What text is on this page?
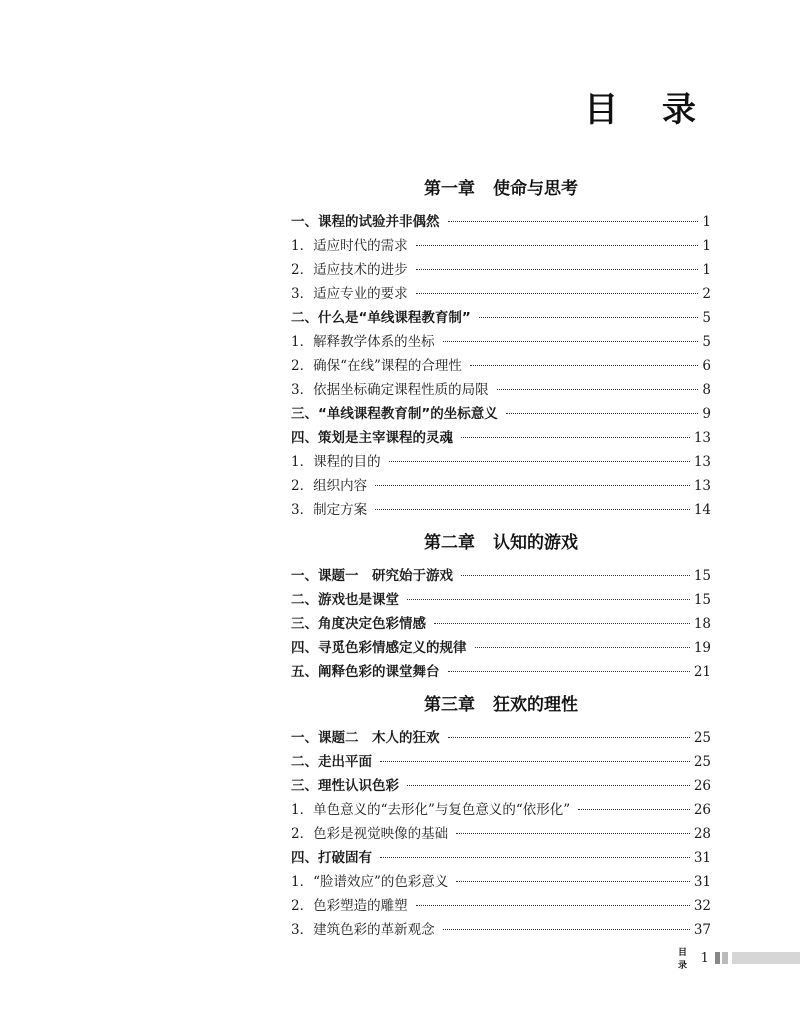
目 录
第一章 使命与思考
一、课程的试验并非偶然	1
1．适应时代的需求	1
2．适应技术的进步	1
3．适应专业的要求	2
二、什么是“单线课程教育制”	5
1．解释教学体系的坐标	5
2．确保“在线”课程的合理性	6
3．依据坐标确定课程性质的局限	8
三、“单线课程教育制”的坐标意义	9
四、策划是主宰课程的灵魂	13
1．课程的目的	13
2．组织内容	13
3．制定方案	14
第二章 认知的游戏
一、课题一　研究始于游戏	15
二、游戏也是课堂	15
三、角度决定色彩情感	18
四、寻觅色彩情感定义的规律	19
五、阐释色彩的课堂舞台	21
第三章 狂欢的理性
一、课题二　木人的狂欢	25
二、走出平面	25
三、理性认识色彩	26
1．单色意义的“去形化”与复色意义的“依形化”	26
2．色彩是视觉映像的基础	28
四、打破固有	31
1．“脸谱效应”的色彩意义	31
2．色彩塑造的雕塑	32
3．建筑色彩的革新观念	37
目录
1
